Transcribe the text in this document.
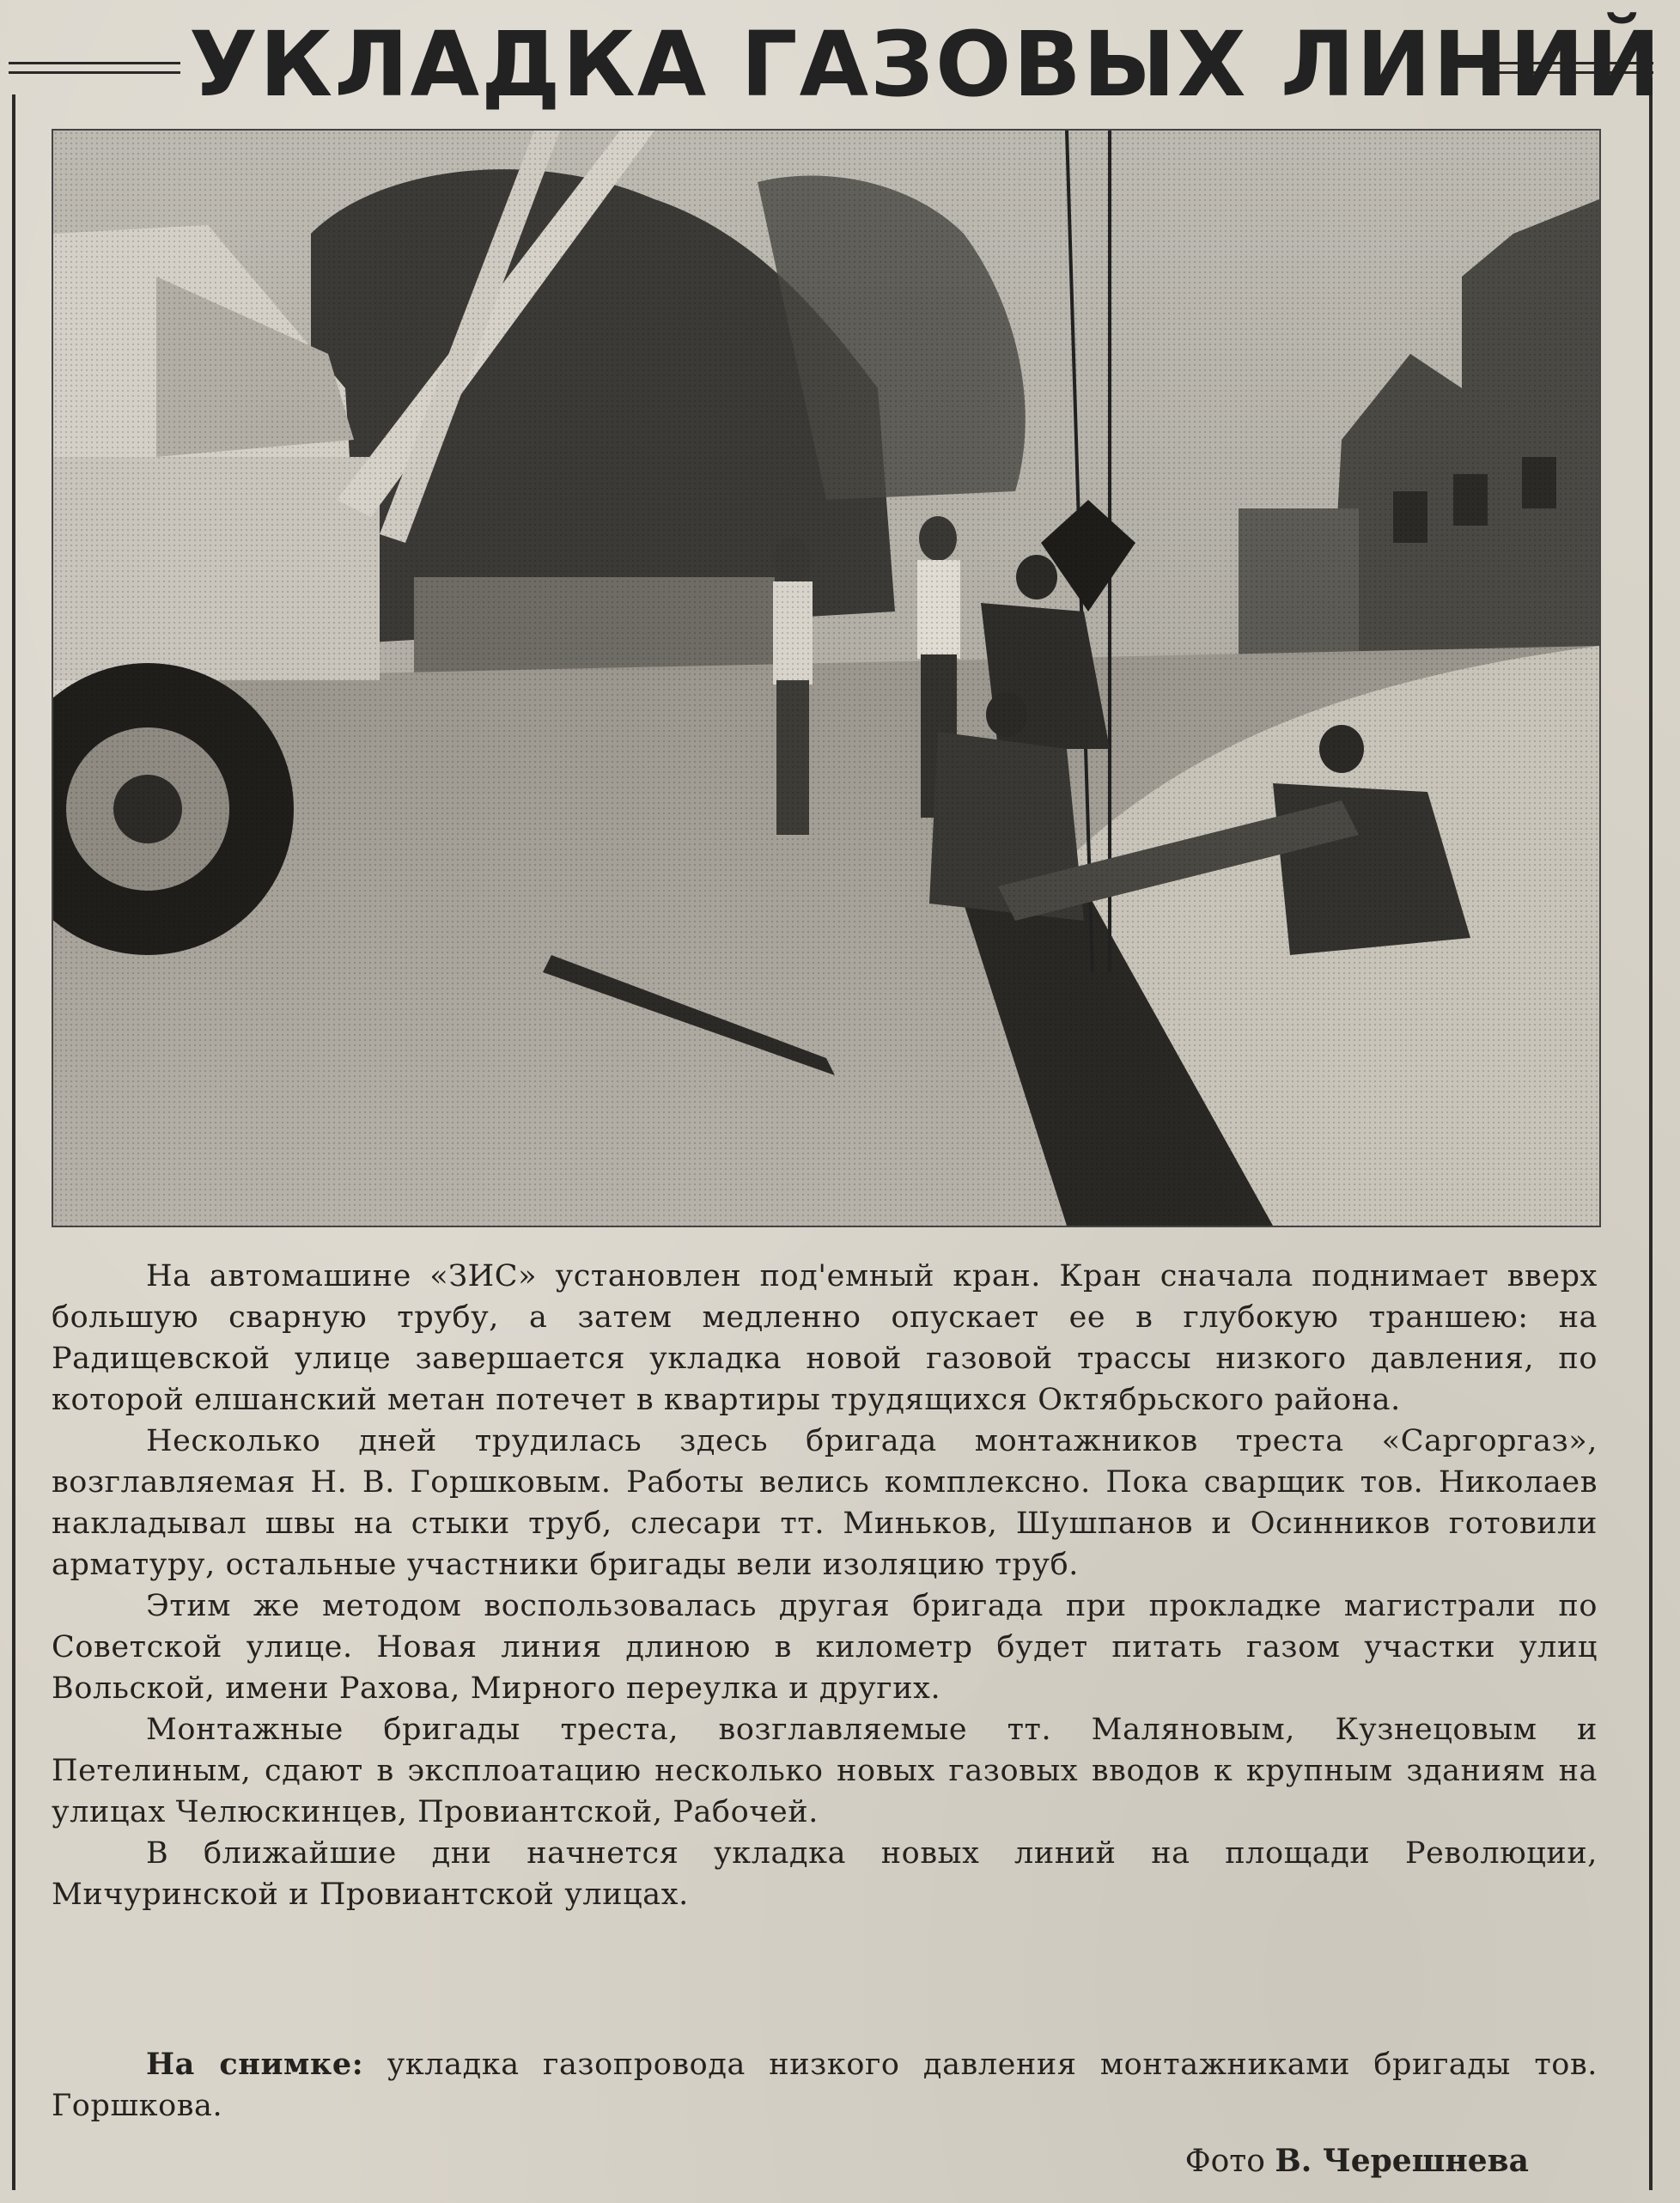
УКЛАДКА ГАЗОВЫХ ЛИНИЙ

На автомашине «ЗИС» установлен под'емный кран. Кран сначала поднимает вверх большую сварную трубу, а затем медленно опускает ее в глубокую траншею: на Радищевской улице завершается укладка новой газовой трассы низкого давления, по которой елшанский метан потечет в квартиры трудящихся Октябрьского района.

Несколько дней трудилась здесь бригада монтажников треста «Саргоргаз», возглавляемая Н. В. Горшковым. Работы велись комплексно. Пока сварщик тов. Николаев накладывал швы на стыки труб, слесари тт. Миньков, Шушпанов и Осинников готовили арматуру, остальные участники бригады вели изоляцию труб.

Этим же методом воспользовалась другая бригада при прокладке магистрали по Советской улице. Новая линия длиною в километр будет питать газом участки улиц Вольской, имени Рахова, Мирного переулка и других.

Монтажные бригады треста, возглавляемые тт. Маляновым, Кузнецовым и Петелиным, сдают в эксплоатацию несколько новых газовых вводов к крупным зданиям на улицах Челюскинцев, Провиантской, Рабочей.

В ближайшие дни начнется укладка новых линий на площади Революции, Мичуринской и Провиантской улицах.

На снимке: укладка газопровода низкого давления монтажниками бригады тов. Горшкова.
Фото В. Черешнева
